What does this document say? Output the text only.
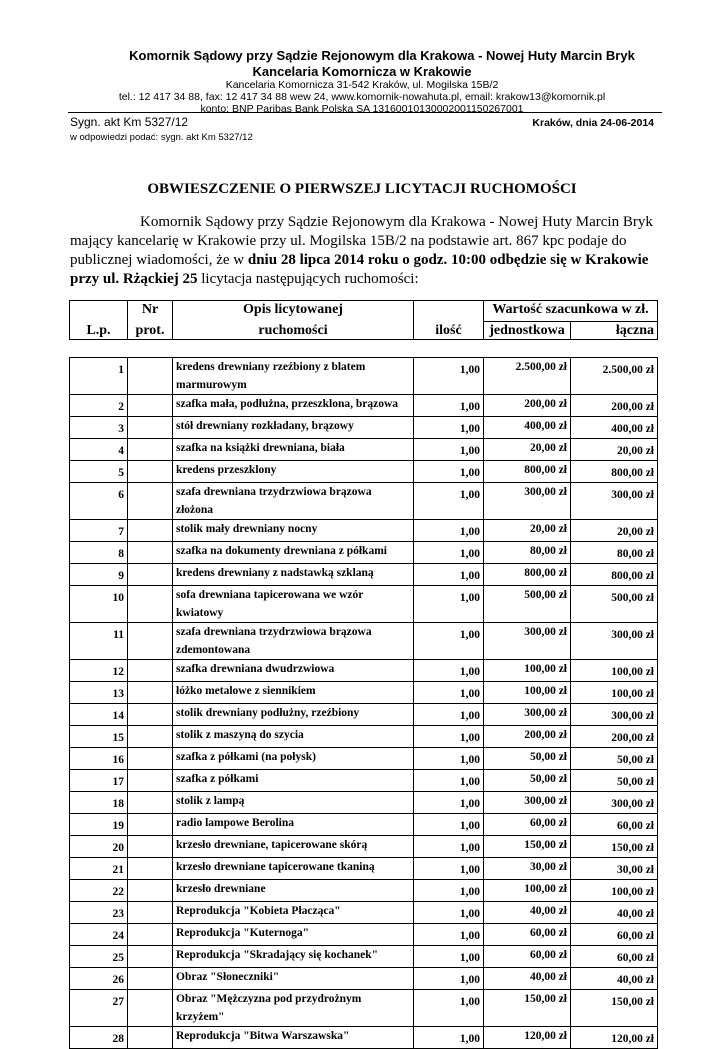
Komornik Sądowy przy Sądzie Rejonowym dla Krakowa - Nowej Huty Marcin Bryk
Kancelaria Komornicza w Krakowie
Kancelaria Komornicza 31-542 Kraków, ul. Mogilska 15B/2
tel.: 12 417 34 88, fax: 12 417 34 88 wew 24, www.komornik-nowahuta.pl, email: krakow13@komornik.pl
konto: BNP Paribas Bank Polska SA 13160010130002001150267001
Sygn. akt Km 5327/12	Kraków, dnia 24-06-2014
w odpowiedzi podać: sygn. akt Km 5327/12
OBWIESZCZENIE O PIERWSZEJ LICYTACJI RUCHOMOŚCI
Komornik Sądowy przy Sądzie Rejonowym dla Krakowa - Nowej Huty Marcin Bryk mający kancelarię w Krakowie przy ul. Mogilska 15B/2 na podstawie art. 867 kpc podaje do publicznej wiadomości, że w dniu 28 lipca 2014 roku o godz. 10:00 odbędzie się w Krakowie przy ul. Rżąckiej 25 licytacja następujących ruchomości:
L.p.	Nr	Opis licytowanej	ilość	Wartość szacunkowa w zł.	
	prot.	ruchomości		jednostkowa	łączna
1		kredens drewniany rzeźbiony z blatem marmurowym	1,00	2.500,00 zł	2.500,00 zł
2		szafka mała, podłużna, przeszklona, brązowa	1,00	200,00 zł	200,00 zł
3		stół drewniany rozkładany, brązowy	1,00	400,00 zł	400,00 zł
4		szafka na książki drewniana, biała	1,00	20,00 zł	20,00 zł
5		kredens przeszklony	1,00	800,00 zł	800,00 zł
6		szafa drewniana trzydrzwiowa brązowa złożona	1,00	300,00 zł	300,00 zł
7		stolik mały drewniany nocny	1,00	20,00 zł	20,00 zł
8		szafka na dokumenty drewniana z półkami	1,00	80,00 zł	80,00 zł
9		kredens drewniany z nadstawką szklaną	1,00	800,00 zł	800,00 zł
10		sofa drewniana tapicerowana we wzór kwiatowy	1,00	500,00 zł	500,00 zł
11		szafa drewniana trzydrzwiowa brązowa zdemontowana	1,00	300,00 zł	300,00 zł
12		szafka drewniana dwudrzwiowa	1,00	100,00 zł	100,00 zł
13		łóżko metalowe z siennikiem	1,00	100,00 zł	100,00 zł
14		stolik drewniany podłużny, rzeźbiony	1,00	300,00 zł	300,00 zł
15		stolik z maszyną do szycia	1,00	200,00 zł	200,00 zł
16		szafka z półkami (na połysk)	1,00	50,00 zł	50,00 zł
17		szafka z półkami	1,00	50,00 zł	50,00 zł
18		stolik z lampą	1,00	300,00 zł	300,00 zł
19		radio lampowe Berolina	1,00	60,00 zł	60,00 zł
20		krzesło drewniane, tapicerowane skórą	1,00	150,00 zł	150,00 zł
21		krzesło drewniane tapicerowane tkaniną	1,00	30,00 zł	30,00 zł
22		krzesło drewniane	1,00	100,00 zł	100,00 zł
23		Reprodukcja "Kobieta Płacząca"	1,00	40,00 zł	40,00 zł
24		Reprodukcja "Kuternoga"	1,00	60,00 zł	60,00 zł
25		Reprodukcja "Skradający się kochanek"	1,00	60,00 zł	60,00 zł
26		Obraz "Słoneczniki"	1,00	40,00 zł	40,00 zł
27		Obraz "Mężczyzna pod przydrożnym krzyżem"	1,00	150,00 zł	150,00 zł
28		Reprodukcja "Bitwa Warszawska"	1,00	120,00 zł	120,00 zł
